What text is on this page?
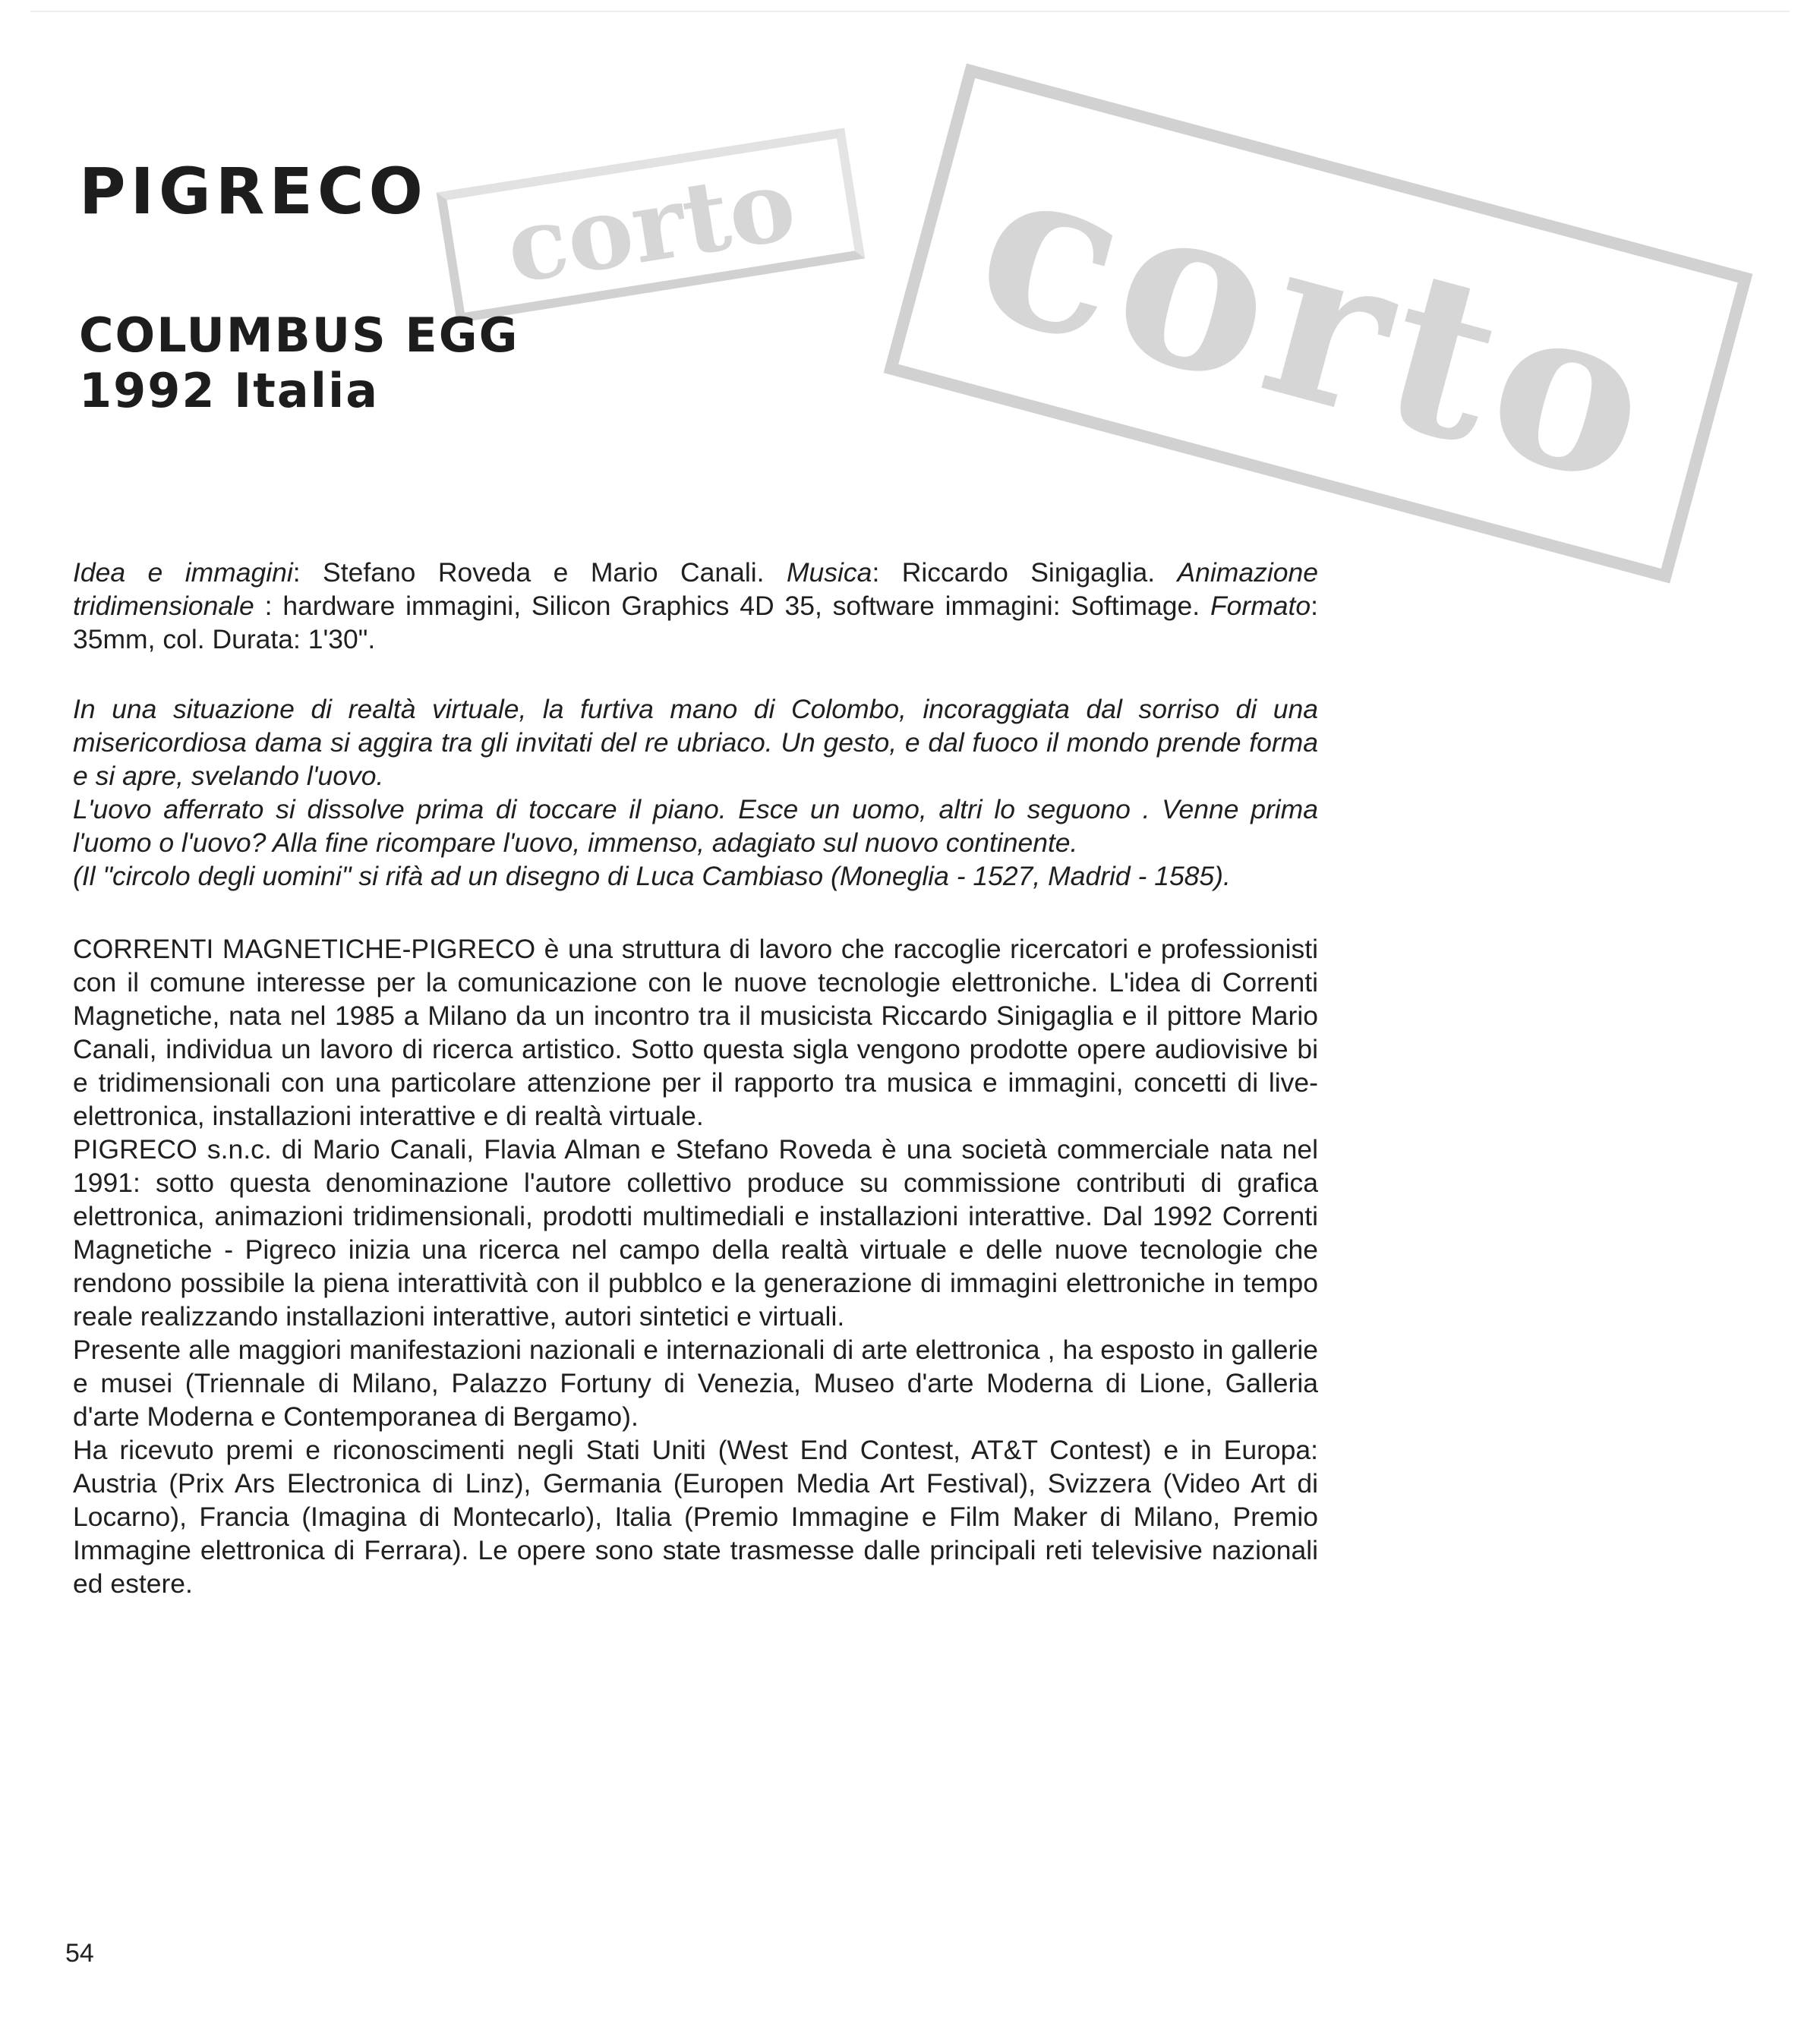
corto
corto
PIGRECO
COLUMBUS EGG
1992 Italia

Idea e immagini: Stefano Roveda e Mario Canali. Musica: Riccardo Sinigaglia. Animazione tridimensionale : hardware immagini, Silicon Graphics 4D 35, software immagini: Softimage. Formato: 35mm, col. Durata: 1'30".

In una situazione di realtà virtuale, la furtiva mano di Colombo, incoraggiata dal sorriso di una misericordiosa dama si aggira tra gli invitati del re ubriaco. Un gesto, e dal fuoco il mondo prende forma e si apre, svelando l'uovo.

L'uovo afferrato si dissolve prima di toccare il piano. Esce un uomo, altri lo seguono . Venne prima l'uomo o l'uovo? Alla fine ricompare l'uovo, immenso, adagiato sul nuovo continente.

(Il "circolo degli uomini" si rifà ad un disegno di Luca Cambiaso (Moneglia - 1527, Madrid - 1585).

CORRENTI MAGNETICHE-PIGRECO è una struttura di lavoro che raccoglie ricercatori e professionisti con il comune interesse per la comunicazione con le nuove tecnologie elettroniche. L'idea di Correnti Magnetiche, nata nel 1985 a Milano da un incontro tra il musicista Riccardo Sinigaglia e il pittore Mario Canali, individua un lavoro di ricerca artistico. Sotto questa sigla vengono prodotte opere audiovisive bi e tridimensionali con una particolare attenzione per il rapporto tra musica e immagini, concetti di live-elettronica, installazioni interattive e di realtà virtuale.

PIGRECO s.n.c. di Mario Canali, Flavia Alman e Stefano Roveda è una società commerciale nata nel 1991: sotto questa denominazione l'autore collettivo produce su commissione contributi di grafica elettronica, animazioni tridimensionali, prodotti multimediali e installazioni interattive. Dal 1992 Correnti Magnetiche - Pigreco inizia una ricerca nel campo della realtà virtuale e delle nuove tecnologie che rendono possibile la piena interattività con il pubblco e la generazione di immagini elettroniche in tempo reale realizzando installazioni interattive, autori sintetici e virtuali.

Presente alle maggiori manifestazioni nazionali e internazionali di arte elettronica , ha esposto in gallerie e musei (Triennale di Milano, Palazzo Fortuny di Venezia, Museo d'arte Moderna di Lione, Galleria d'arte Moderna e Contemporanea di Bergamo).

Ha ricevuto premi e riconoscimenti negli Stati Uniti (West End Contest, AT&T Contest) e in Europa: Austria (Prix Ars Electronica di Linz), Germania (Europen Media Art Festival), Svizzera (Video Art di Locarno), Francia (Imagina di Montecarlo), Italia (Premio Immagine e Film Maker di Milano, Premio Immagine elettronica di Ferrara). Le opere sono state trasmesse dalle principali reti televisive nazionali ed estere.

54
